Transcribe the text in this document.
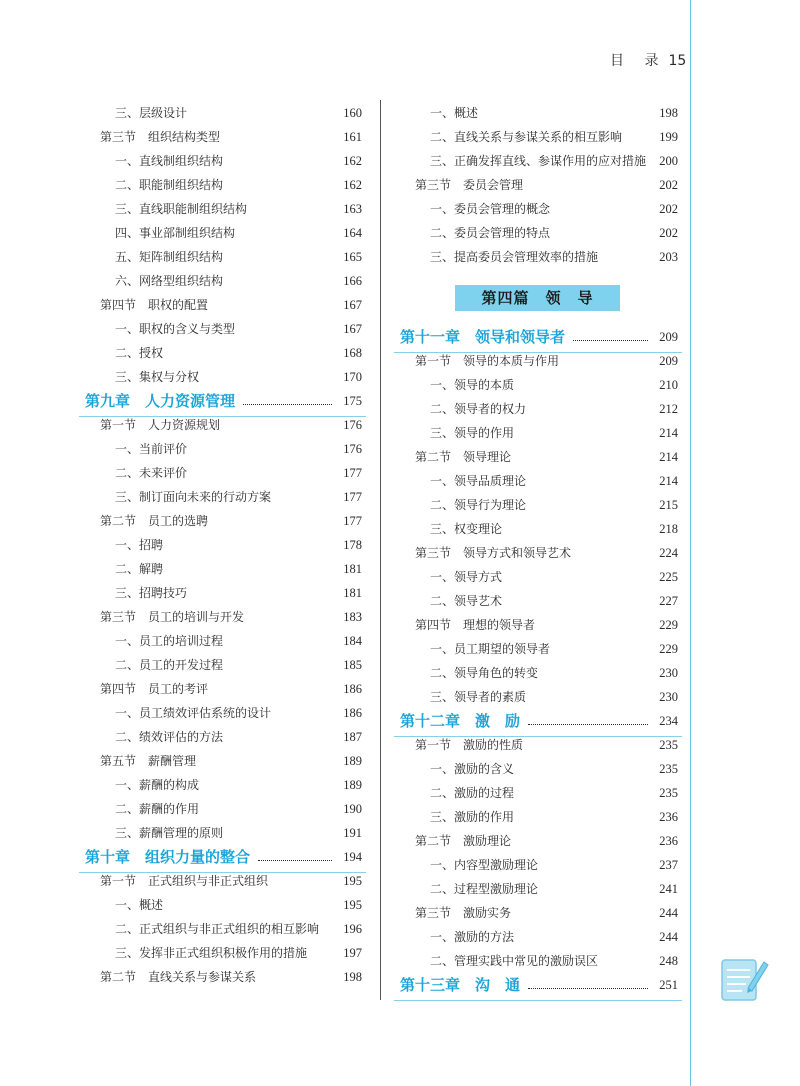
目 录 15
三、层级设计	160
第三节　组织结构类型	161
一、直线制组织结构	162
二、职能制组织结构	162
三、直线职能制组织结构	163
四、事业部制组织结构	164
五、矩阵制组织结构	165
六、网络型组织结构	166
第四节　职权的配置	167
一、职权的含义与类型	167
二、授权	168
三、集权与分权	170
第九章　人力资源管理	175
第一节　人力资源规划	176
一、当前评价	176
二、未来评价	177
三、制订面向未来的行动方案	177
第二节　员工的选聘	177
一、招聘	178
二、解聘	181
三、招聘技巧	181
第三节　员工的培训与开发	183
一、员工的培训过程	184
二、员工的开发过程	185
第四节　员工的考评	186
一、员工绩效评估系统的设计	186
二、绩效评估的方法	187
第五节　薪酬管理	189
一、薪酬的构成	189
二、薪酬的作用	190
三、薪酬管理的原则	191
第十章　组织力量的整合	194
第一节　正式组织与非正式组织	195
一、概述	195
二、正式组织与非正式组织的相互影响 196
三、发挥非正式组织积极作用的措施	197
第二节　直线关系与参谋关系	198
一、概述	198
二、直线关系与参谋关系的相互影响	199
三、正确发挥直线、参谋作用的应对措施 200
第三节　委员会管理	202
一、委员会管理的概念	202
二、委员会管理的特点	202
三、提高委员会管理效率的措施	203
第四篇　领　导
第十一章　领导和领导者	209
第一节　领导的本质与作用	209
一、领导的本质	210
二、领导者的权力	212
三、领导的作用	214
第二节　领导理论	214
一、领导品质理论	214
二、领导行为理论	215
三、权变理论	218
第三节　领导方式和领导艺术	224
一、领导方式	225
二、领导艺术	227
第四节　理想的领导者	229
一、员工期望的领导者	229
二、领导角色的转变	230
三、领导者的素质	230
第十二章　激　励	234
第一节　激励的性质	235
一、激励的含义	235
二、激励的过程	235
三、激励的作用	236
第二节　激励理论	236
一、内容型激励理论	237
二、过程型激励理论	241
第三节　激励实务	244
一、激励的方法	244
二、管理实践中常见的激励误区	248
第十三章　沟　通	251
